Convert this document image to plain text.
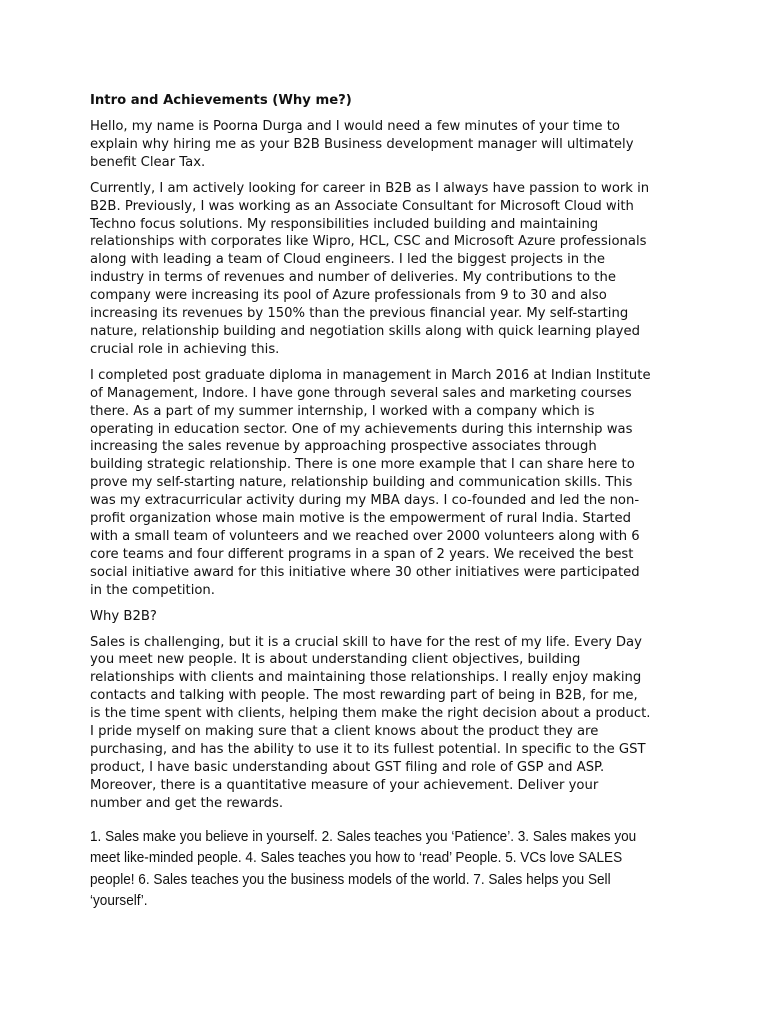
Intro and Achievements (Why me?)
Hello, my name is Poorna Durga and I would need a few minutes of your time to
explain why hiring me as your B2B Business development manager will ultimately
benefit Clear Tax.
Currently, I am actively looking for career in B2B as I always have passion to work in
B2B. Previously, I was working as an Associate Consultant for Microsoft Cloud with
Techno focus solutions. My responsibilities included building and maintaining
relationships with corporates like Wipro, HCL, CSC and Microsoft Azure professionals
along with leading a team of Cloud engineers. I led the biggest projects in the
industry in terms of revenues and number of deliveries. My contributions to the
company were increasing its pool of Azure professionals from 9 to 30 and also
increasing its revenues by 150% than the previous financial year. My self-starting
nature, relationship building and negotiation skills along with quick learning played
crucial role in achieving this.
I completed post graduate diploma in management in March 2016 at Indian Institute
of Management, Indore. I have gone through several sales and marketing courses
there. As a part of my summer internship, I worked with a company which is
operating in education sector. One of my achievements during this internship was
increasing the sales revenue by approaching prospective associates through
building strategic relationship. There is one more example that I can share here to
prove my self-starting nature, relationship building and communication skills. This
was my extracurricular activity during my MBA days. I co-founded and led the non-
profit organization whose main motive is the empowerment of rural India. Started
with a small team of volunteers and we reached over 2000 volunteers along with 6
core teams and four different programs in a span of 2 years. We received the best
social initiative award for this initiative where 30 other initiatives were participated
in the competition.
Why B2B?
Sales is challenging, but it is a crucial skill to have for the rest of my life. Every Day
you meet new people. It is about understanding client objectives, building
relationships with clients and maintaining those relationships. I really enjoy making
contacts and talking with people. The most rewarding part of being in B2B, for me,
is the time spent with clients, helping them make the right decision about a product.
I pride myself on making sure that a client knows about the product they are
purchasing, and has the ability to use it to its fullest potential. In specific to the GST
product, I have basic understanding about GST filing and role of GSP and ASP.
Moreover, there is a quantitative measure of your achievement. Deliver your
number and get the rewards.
1. Sales make you believe in yourself. 2. Sales teaches you ‘Patience’. 3. Sales makes you
meet like-minded people. 4. Sales teaches you how to ‘read’ People. 5. VCs love SALES
people! 6. Sales teaches you the business models of the world. 7. Sales helps you Sell
‘yourself’.
